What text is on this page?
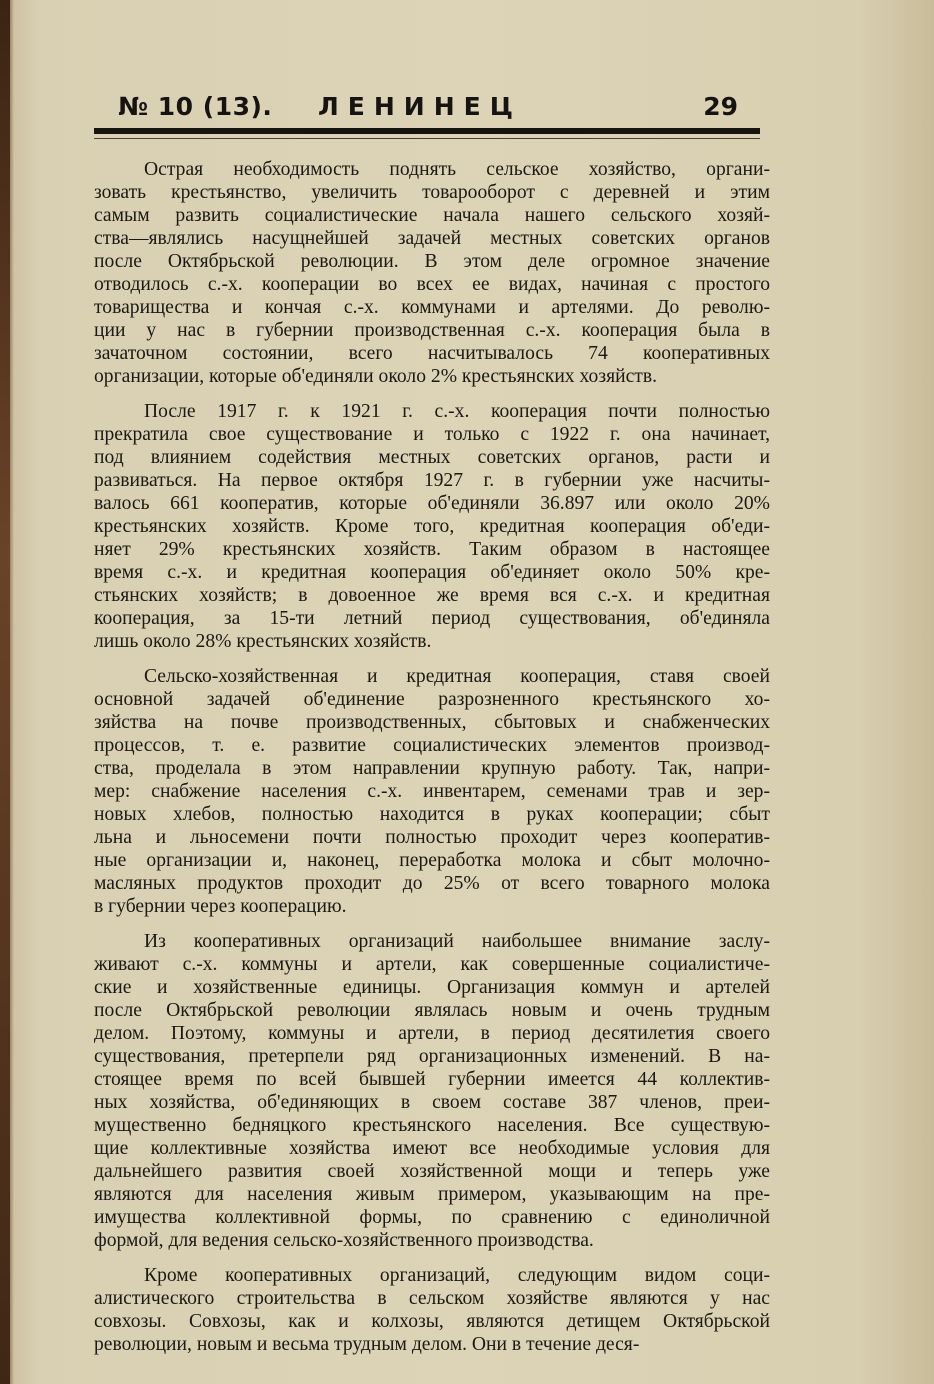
№ 10 (13). ЛЕНИНЕЦ	29
Острая необходимость поднять сельское хозяйство, органи-
зовать крестьянство, увеличить товарооборот с деревней и этим
самым развить социалистические начала нашего сельского хозяй-
ства—являлись насущнейшей задачей местных советских органов
после Октябрьской революции. В этом деле огромное значение
отводилось с.-х. кооперации во всех ее видах, начиная с простого
товарищества и кончая с.-х. коммунами и артелями. До револю-
ции у нас в губернии производственная с.-х. кооперация была в
зачаточном состоянии, всего насчитывалось 74 кооперативных
организации, которые об'единяли около 2% крестьянских хозяйств.
После 1917 г. к 1921 г. с.-х. кооперация почти полностью
прекратила свое существование и только с 1922 г. она начинает,
под влиянием содействия местных советских органов, расти и
развиваться. На первое октября 1927 г. в губернии уже насчиты-
валось 661 кооператив, которые об'единяли 36.897 или около 20%
крестьянских хозяйств. Кроме того, кредитная кооперация об'еди-
няет 29% крестьянских хозяйств. Таким образом в настоящее
время с.-х. и кредитная кооперация об'единяет около 50% кре-
стьянских хозяйств; в довоенное же время вся с.-х. и кредитная
кооперация, за 15-ти летний период существования, об'единяла
лишь около 28% крестьянских хозяйств.
Сельско-хозяйственная и кредитная кооперация, ставя своей
основной задачей об'единение разрозненного крестьянского хо-
зяйства на почве производственных, сбытовых и снабженческих
процессов, т. е. развитие социалистических элементов производ-
ства, проделала в этом направлении крупную работу. Так, напри-
мер: снабжение населения с.-х. инвентарем, семенами трав и зер-
новых хлебов, полностью находится в руках кооперации; сбыт
льна и льносемени почти полностью проходит через кооператив-
ные организации и, наконец, переработка молока и сбыт молочно-
масляных продуктов проходит до 25% от всего товарного молока
в губернии через кооперацию.
Из кооперативных организаций наибольшее внимание заслу-
живают с.-х. коммуны и артели, как совершенные социалистиче-
ские и хозяйственные единицы. Организация коммун и артелей
после Октябрьской революции являлась новым и очень трудным
делом. Поэтому, коммуны и артели, в период десятилетия своего
существования, претерпели ряд организационных изменений. В на-
стоящее время по всей бывшей губернии имеется 44 коллектив-
ных хозяйства, об'единяющих в своем составе 387 членов, преи-
мущественно бедняцкого крестьянского населения. Все существую-
щие коллективные хозяйства имеют все необходимые условия для
дальнейшего развития своей хозяйственной мощи и теперь уже
являются для населения живым примером, указывающим на пре-
имущества коллективной формы, по сравнению с единоличной
формой, для ведения сельско-хозяйственного производства.
Кроме кооперативных организаций, следующим видом соци-
алистического строительства в сельском хозяйстве являются у нас
совхозы. Совхозы, как и колхозы, являются детищем Октябрьской
революции, новым и весьма трудным делом. Они в течение деся-
